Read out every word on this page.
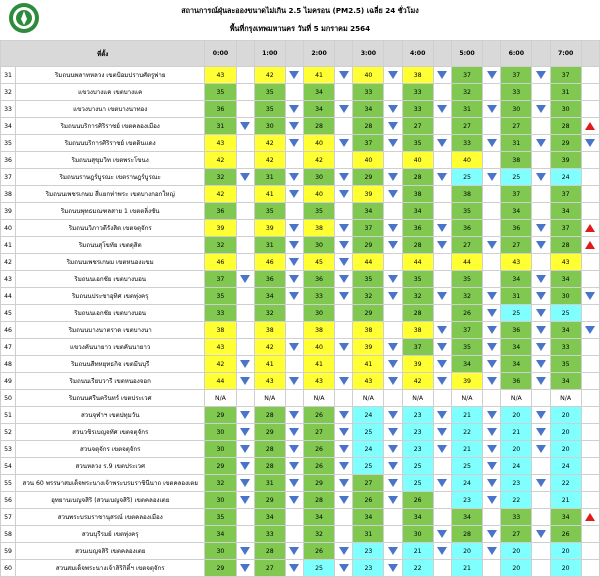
สถานการณ์ฝุ่นละอองขนาดไม่เกิน 2.5 ไมครอน (PM2.5) เฉลี่ย 24 ชั่วโมง
พื้นที่กรุงเทพมหานคร วันที่ 5 มกราคม 2564
ที่ตั้ง		0:00		1:00		2:00		3:00		4:00		5:00		6:00		7:00	
31	ริมถนนพลาทหลวง เขตป้อมปราบศัตรูพ่าย	43		42		41		40		38		37		37		37	
32	แขวงบางแค เขตบางแค	35		35		34		33		33		32		33		31	
33	แขวงบางนา เขตบางนาทอง	36		35		34		34		33		31		30		30	
34	ริมถนนบริการศิริราชย์ เขตคลองเมือง	31		30		28		28		27		27		27		28	
35	ริมถนนบริการศิริราชย์ เขตดินแดง	43		42		40		37		35		33		31		29	
36	ริมถนนสุขุมวิท เขตพระโขนง	42		42		42		40		40		40		38		39	
37	ริมถนนราษฎร์บูรณะ เขตราษฎร์บูรณะ	32		31		30		29		28		25		25		24	
38	ริมถนนเพชรเกษม สี่แยกท่าพระ เขตบางกอกใหญ่	42		41		40		39		38		38		37		37	
39	ริมถนนพุทธมณฑลสาย 1 เขตตลิ่งชัน	36		35		35		34		34		35		34		34	
40	ริมถนนวิภาวดีรังสิต เขตจตุจักร	39		39		38		37		36		36		36		37	
41	ริมถนนสุโขทัย เขตดุสิต	32		31		30		29		28		27		27		28	
42	ริมถนนเพชรเกษม เขตหนองแขม	46		46		45		44		44		44		43		43	
43	ริมถนนเอกชัย เขตบางบอน	37		36		36		35		35		35		34		34	
44	ริมถนนประชาอุทิศ เขตทุ่งครุ	35		34		33		32		32		32		31		30	
45	ริมถนนเอกชัย เขตบางบอน	33		32		30		29		28		26		25		25	
46	ริมถนนบางนาตราด เขตบางนา	38		38		38		38		38		37		36		34	
47	แขวงคันนายาว เขตคันนายาว	43		42		40		39		37		35		34		33	
48	ริมถนนสีทหยุทธกิจ เขตมีนบุรี	42		41		41		41		39		34		34		35	
49	ริมถนนเรียบวารี เขตหนองจอก	44		43		43		43		42		39		36		34	
50	ริมถนนศรีนครินทร์ เขตประเวศ	N/A		N/A		N/A		N/A		N/A		N/A		N/A		N/A	
51	สวนจุฬาฯ เขตปทุมวัน	29		28		26		24		23		21		20		20	
52	สวนวชิรเบญจทัศ เขตจตุจักร	30		29		27		25		23		22		21		20	
53	สวนจตุจักร เขตจตุจักร	30		28		26		24		23		21		20		20	
54	สวนหลวง ร.9 เขตประเวศ	29		28		26		25		25		25		24		24	
55	สวน 60 พรรษาสมเด็จพระนางเจ้าพระบรมราชินีนาถ เขตคลองเตย	32		31		29		27		25		24		23		22	
56	อุทยานเบญจสิริ (สวนเบญจสิริ) เขตคลองเตย	30		29		28		26		26		23		22		21	
57	สวนพระบรมราชานุสรณ์ เขตคลองเมือง	35		34		34		34		34		34		33		34	
58	สวนบุรีรมย์ เขตทุ่งครุ	34		33		32		31		30		28		27		26	
59	สวนเบญจสิริ เขตคลองเตย	30		28		26		23		21		20		20		20	
60	สวนสมเด็จพระนางเจ้าสิริกิติ์ฯ เขตจตุจักร	29		27		25		23		22		21		20		20	
